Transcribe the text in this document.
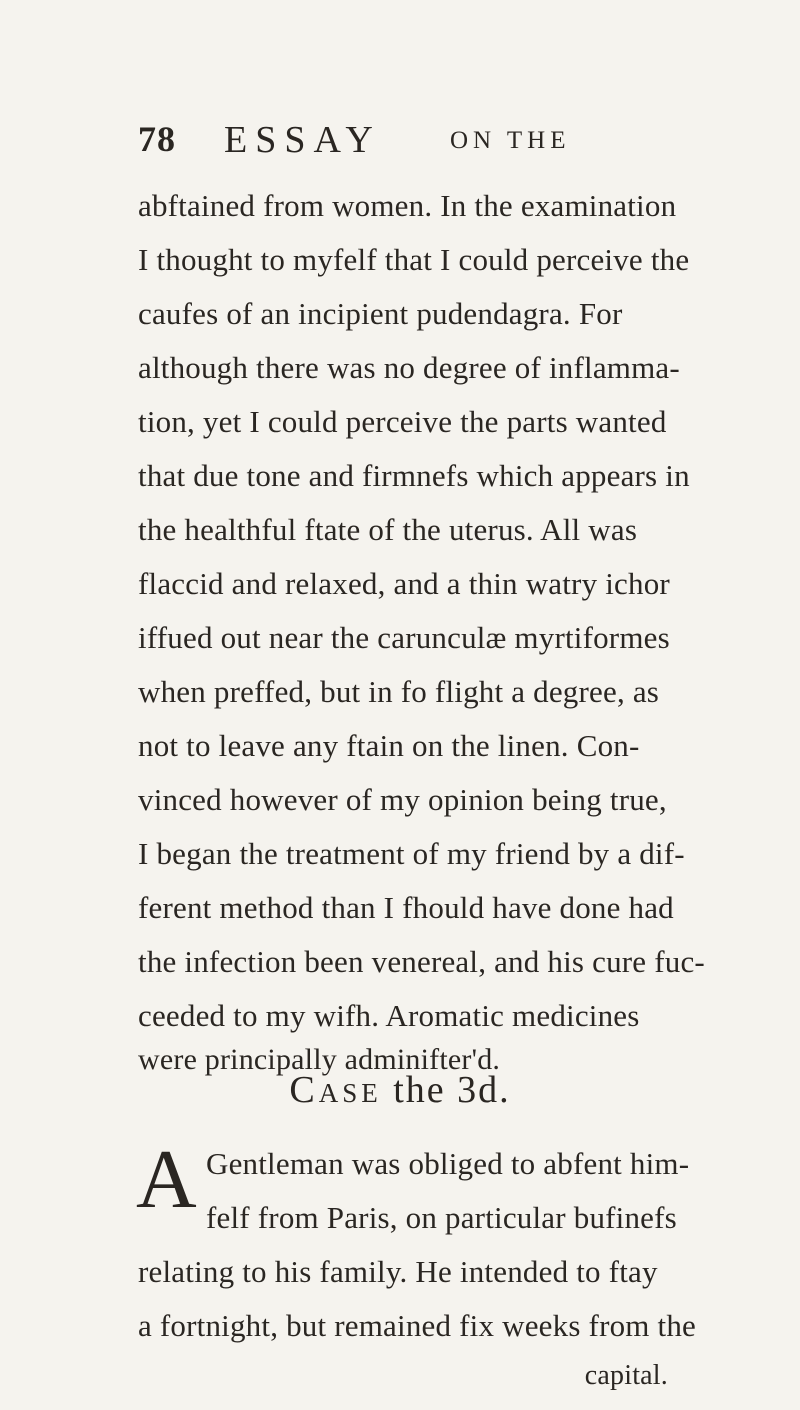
78 ESSAY	ON THE
abftained from women. In the examination
I thought to myfelf that I could perceive the
caufes of an incipient pudendagra. For
although there was no degree of inflamma-
tion, yet I could perceive the parts wanted
that due tone and firmnefs which appears in
the healthful ftate of the uterus. All was
flaccid and relaxed, and a thin watry ichor
iffued out near the carunculæ myrtiformes
when preffed, but in fo flight a degree, as
not to leave any ftain on the linen. Con-
vinced however of my opinion being true,
I began the treatment of my friend by a dif-
ferent method than I fhould have done had
the infection been venereal, and his cure fuc-
ceeded to my wifh. Aromatic medicines
were principally adminifter'd.
Case the 3d.
A Gentleman was obliged to abfent him-
felf from Paris, on particular bufinefs
relating to his family. He intended to ftay
a fortnight, but remained fix weeks from the
capital.
